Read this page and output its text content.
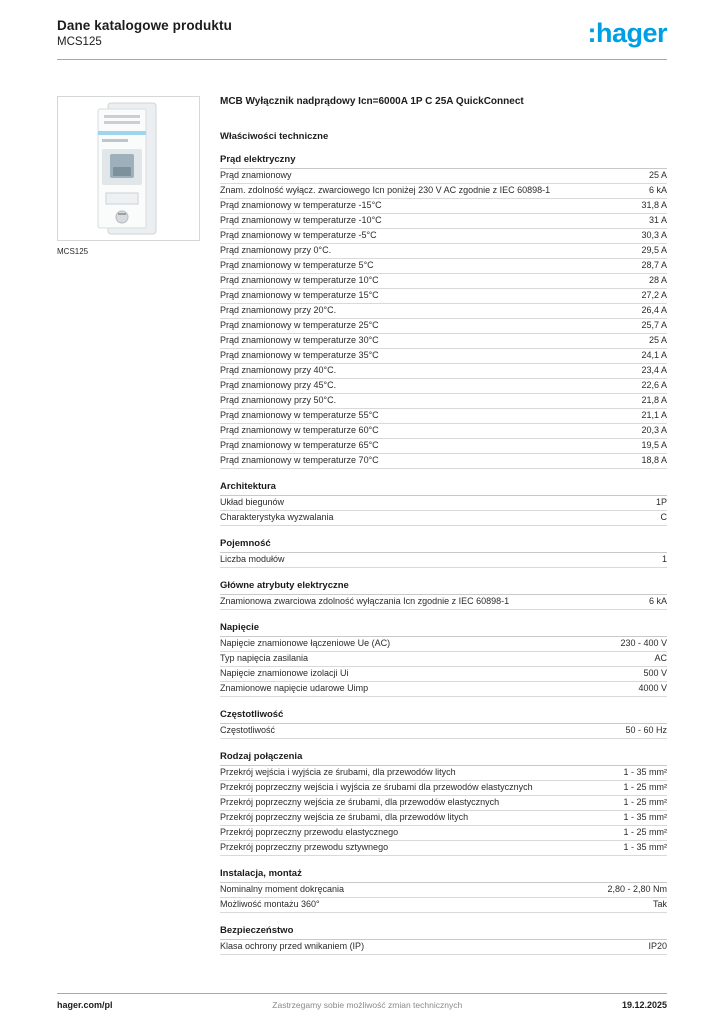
Dane katalogowe produktu
MCS125	:hager
MCS125
MCB Wyłącznik nadprądowy Icn=6000A 1P C 25A QuickConnect
Właściwości techniczne
Prąd elektryczny
Prąd znamionowy	25 A
Znam. zdolność wyłącz. zwarciowego Icn poniżej 230 V AC zgodnie z IEC 60898-1	6 kA
Prąd znamionowy w temperaturze -15°C	31,8 A
Prąd znamionowy w temperaturze -10°C	31 A
Prąd znamionowy w temperaturze -5°C	30,3 A
Prąd znamionowy przy 0°C.	29,5 A
Prąd znamionowy w temperaturze 5°C	28,7 A
Prąd znamionowy w temperaturze 10°C	28 A
Prąd znamionowy w temperaturze 15°C	27,2 A
Prąd znamionowy przy 20°C.	26,4 A
Prąd znamionowy w temperaturze 25°C	25,7 A
Prąd znamionowy w temperaturze 30°C	25 A
Prąd znamionowy w temperaturze 35°C	24,1 A
Prąd znamionowy przy 40°C.	23,4 A
Prąd znamionowy przy 45°C.	22,6 A
Prąd znamionowy przy 50°C.	21,8 A
Prąd znamionowy w temperaturze 55°C	21,1 A
Prąd znamionowy w temperaturze 60°C	20,3 A
Prąd znamionowy w temperaturze 65°C	19,5 A
Prąd znamionowy w temperaturze 70°C	18,8 A
Architektura
Układ biegunów	1P
Charakterystyka wyzwalania	C
Pojemność
Liczba modułów	1
Główne atrybuty elektryczne
Znamionowa zwarciowa zdolność wyłączania Icn zgodnie z IEC 60898-1	6 kA
Napięcie
Napięcie znamionowe łączeniowe Ue (AC)	230 - 400 V
Typ napięcia zasilania	AC
Napięcie znamionowe izolacji Ui	500 V
Znamionowe napięcie udarowe Uimp	4000 V
Częstotliwość
Częstotliwość	50 - 60 Hz
Rodzaj połączenia
Przekrój wejścia i wyjścia ze śrubami, dla przewodów litych	1 - 35 mm²
Przekrój poprzeczny wejścia i wyjścia ze śrubami dla przewodów elastycznych	1 - 25 mm²
Przekrój poprzeczny wejścia ze śrubami, dla przewodów elastycznych	1 - 25 mm²
Przekrój poprzeczny wejścia ze śrubami, dla przewodów litych	1 - 35 mm²
Przekrój poprzeczny przewodu elastycznego	1 - 25 mm²
Przekrój poprzeczny przewodu sztywnego	1 - 35 mm²
Instalacja, montaż
Nominalny moment dokręcania	2,80 - 2,80 Nm
Możliwość montażu 360°	Tak
Bezpieczeństwo
Klasa ochrony przed wnikaniem (IP)	IP20
hager.com/pl	Zastrzegamy sobie możliwość zmian technicznych	19.12.2025
